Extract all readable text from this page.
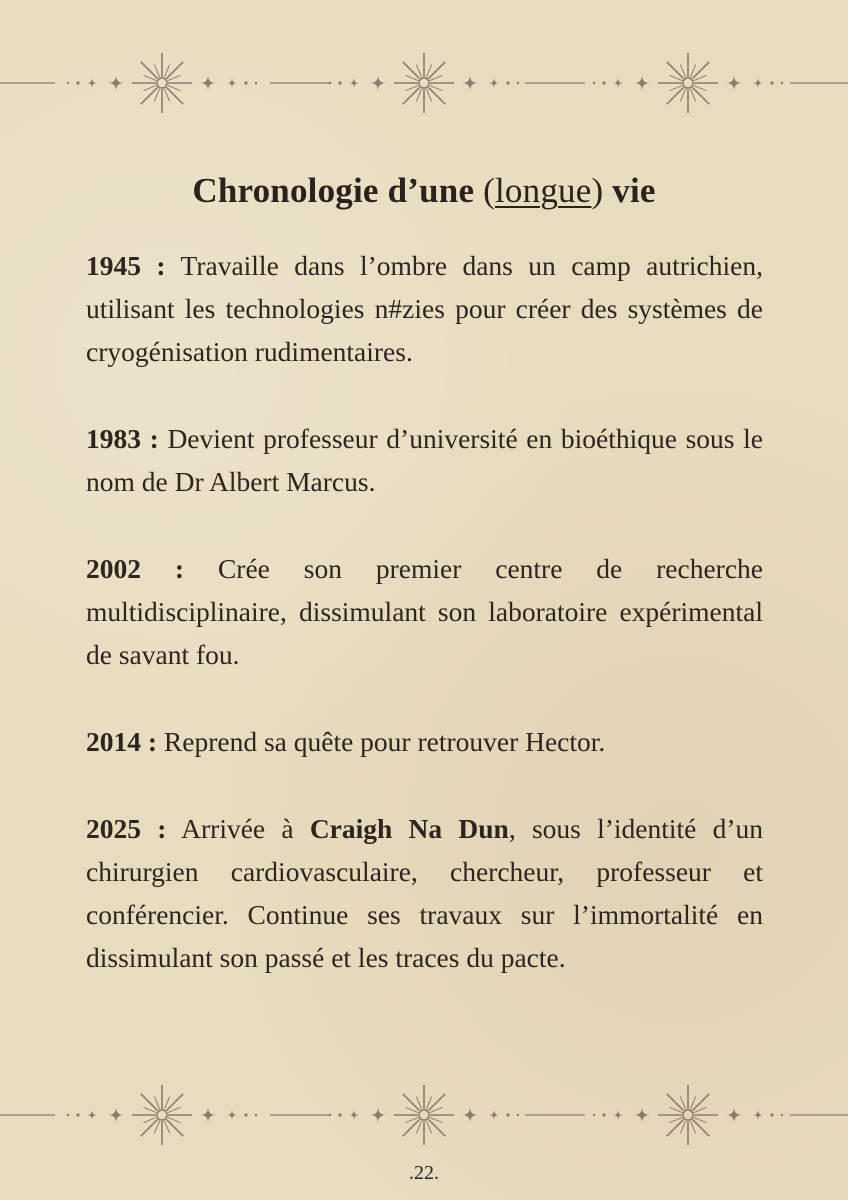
Chronologie d’une (longue) vie

1945 : Travaille dans l’ombre dans un camp autrichien, utilisant les technologies n#zies pour créer des systèmes de cryogénisation rudimentaires.

1983 : Devient professeur d’université en bioéthique sous le nom de Dr Albert Marcus.

2002 : Crée son premier centre de recherche multidisciplinaire, dissimulant son laboratoire expérimental de savant fou.

2014 : Reprend sa quête pour retrouver Hector.

2025 : Arrivée à Craigh Na Dun, sous l’identité d’un chirurgien cardiovasculaire, chercheur, professeur et conférencier. Continue ses travaux sur l’immortalité en dissimulant son passé et les traces du pacte.

.22.
